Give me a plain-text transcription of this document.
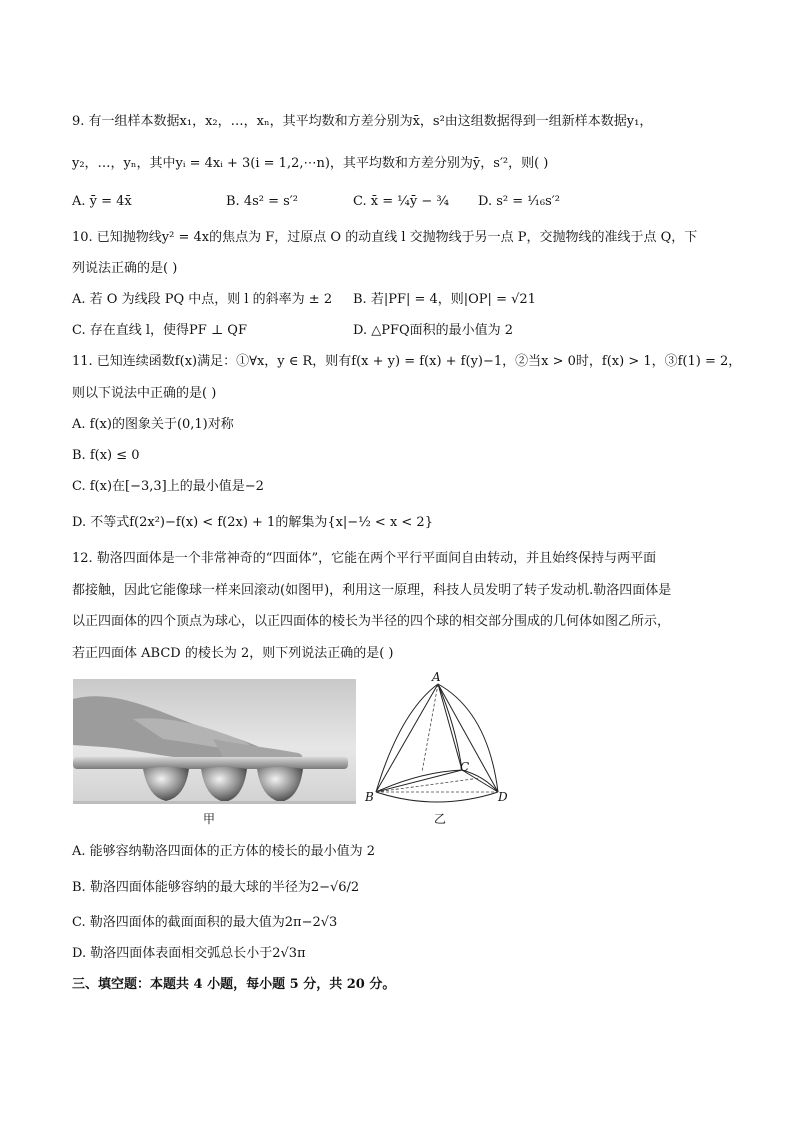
9. 有一组样本数据x₁，x₂，…，xₙ，其平均数和方差分别为x̄，s²由这组数据得到一组新样本数据y₁，
y₂，…，yₙ，其中yᵢ = 4xᵢ + 3(i = 1,2,⋯n)，其平均数和方差分别为ȳ，s′²，则( )
A. ȳ = 4x̄	B. 4s² = s′²	C. x̄ = ¼ȳ − ¾ D. s² = ¹⁄₁₆s′²
10. 已知抛物线y² = 4x的焦点为 F，过原点 O 的动直线 l 交抛物线于另一点 P，交抛物线的准线于点 Q，下
列说法正确的是( )
A. 若 O 为线段 PQ 中点，则 l 的斜率为 ± 2 B. 若|PF| = 4，则|OP| = √21
C. 存在直线 l，使得PF ⊥ QF	D. △PFQ面积的最小值为 2
11. 已知连续函数f(x)满足：①∀x，y ∈ R，则有f(x + y) = f(x) + f(y)−1，②当x > 0时，f(x) > 1，③f(1) = 2，
则以下说法中正确的是( )
A. f(x)的图象关于(0,1)对称
B. f(x) ≤ 0
C. f(x)在[−3,3]上的最小值是−2
D. 不等式f(2x²)−f(x) < f(2x) + 1的解集为{x|−½ < x < 2}
12. 勒洛四面体是一个非常神奇的“四面体”，它能在两个平行平面间自由转动，并且始终保持与两平面
都接触，因此它能像球一样来回滚动(如图甲)，利用这一原理，科技人员发明了转子发动机.勒洛四面体是
以正四面体的四个顶点为球心，以正四面体的棱长为半径的四个球的相交部分围成的几何体如图乙所示，
若正四面体 ABCD 的棱长为 2，则下列说法正确的是( )
甲
A
B
C
D
乙
A. 能够容纳勒洛四面体的正方体的棱长的最小值为 2
B. 勒洛四面体能够容纳的最大球的半径为2−√6/2
C. 勒洛四面体的截面面积的最大值为2π−2√3
D. 勒洛四面体表面相交弧总长小于2√3π
三、填空题：本题共 4 小题，每小题 5 分，共 20 分。
